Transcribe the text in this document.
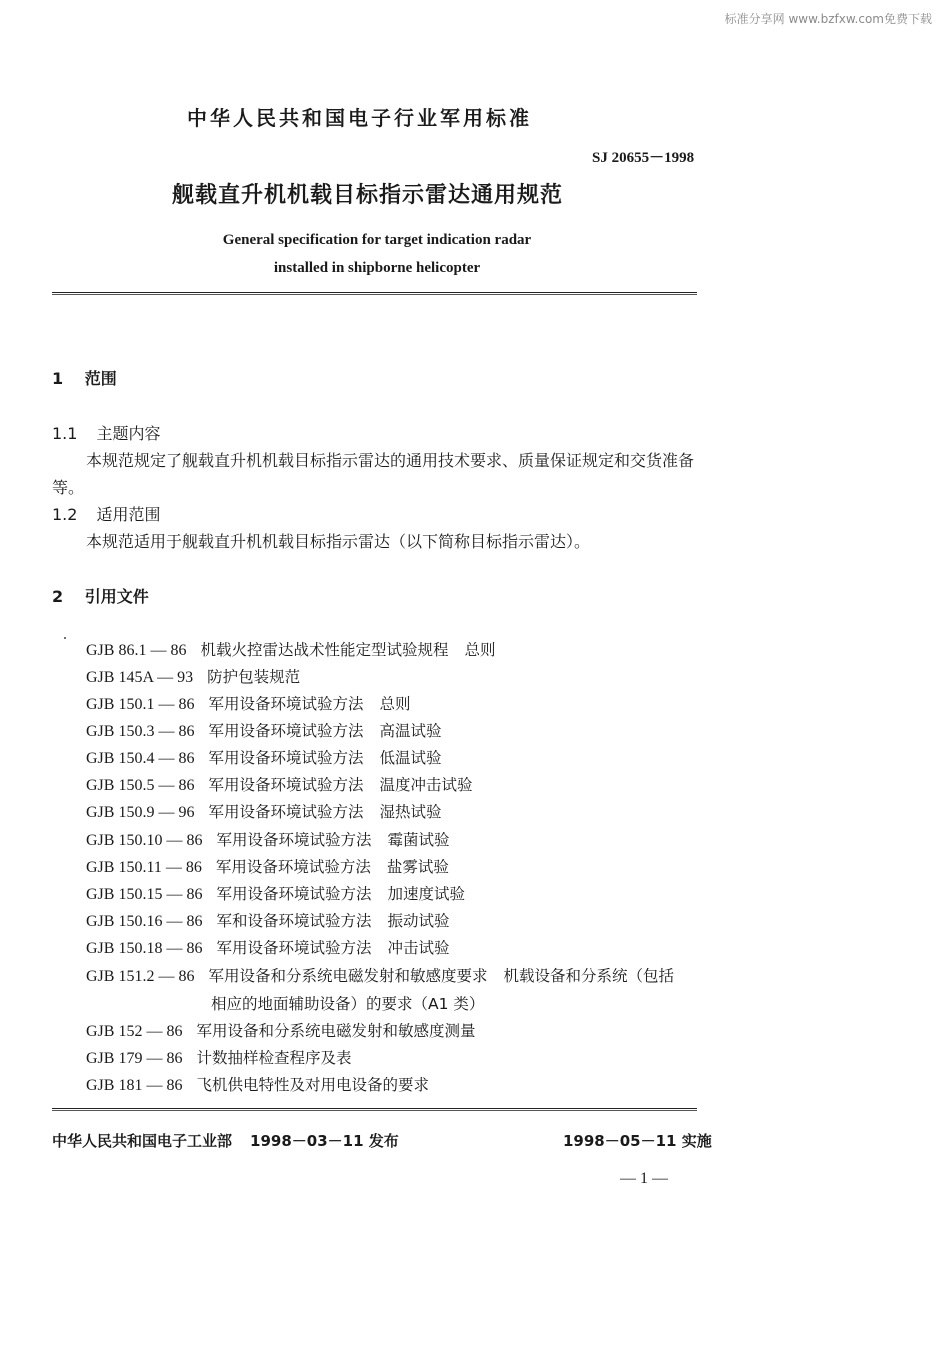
标准分享网 www.bzfxw.com免费下载
中华人民共和国电子行业军用标准
SJ 20655－1998
舰载直升机机载目标指示雷达通用规范
General specification for target indication radar
installed in shipborne helicopter
1 范围
1.1 主题内容
本规范规定了舰载直升机机载目标指示雷达的通用技术要求、质量保证规定和交货准备
等。
1.2 适用范围
本规范适用于舰载直升机机载目标指示雷达（以下简称目标指示雷达）。
2 引用文件
GJB 86.1 — 86 机载火控雷达战术性能定型试验规程 总则
GJB 145A — 93 防护包装规范
GJB 150.1 — 86 军用设备环境试验方法 总则
GJB 150.3 — 86 军用设备环境试验方法 高温试验
GJB 150.4 — 86 军用设备环境试验方法 低温试验
GJB 150.5 — 86 军用设备环境试验方法 温度冲击试验
GJB 150.9 — 96 军用设备环境试验方法 湿热试验
GJB 150.10 — 86 军用设备环境试验方法 霉菌试验
GJB 150.11 — 86 军用设备环境试验方法 盐雾试验
GJB 150.15 — 86 军用设备环境试验方法 加速度试验
GJB 150.16 — 86 军和设备环境试验方法 振动试验
GJB 150.18 — 86 军用设备环境试验方法 冲击试验
GJB 151.2 — 86 军用设备和分系统电磁发射和敏感度要求 机载设备和分系统（包括
相应的地面辅助设备）的要求（A1 类）
GJB 152 — 86 军用设备和分系统电磁发射和敏感度测量
GJB 179 — 86 计数抽样检查程序及表
GJB 181 — 86 飞机供电特性及对用电设备的要求
中华人民共和国电子工业部 1998－03－11 发布	1998－05－11 实施
— 1 —
